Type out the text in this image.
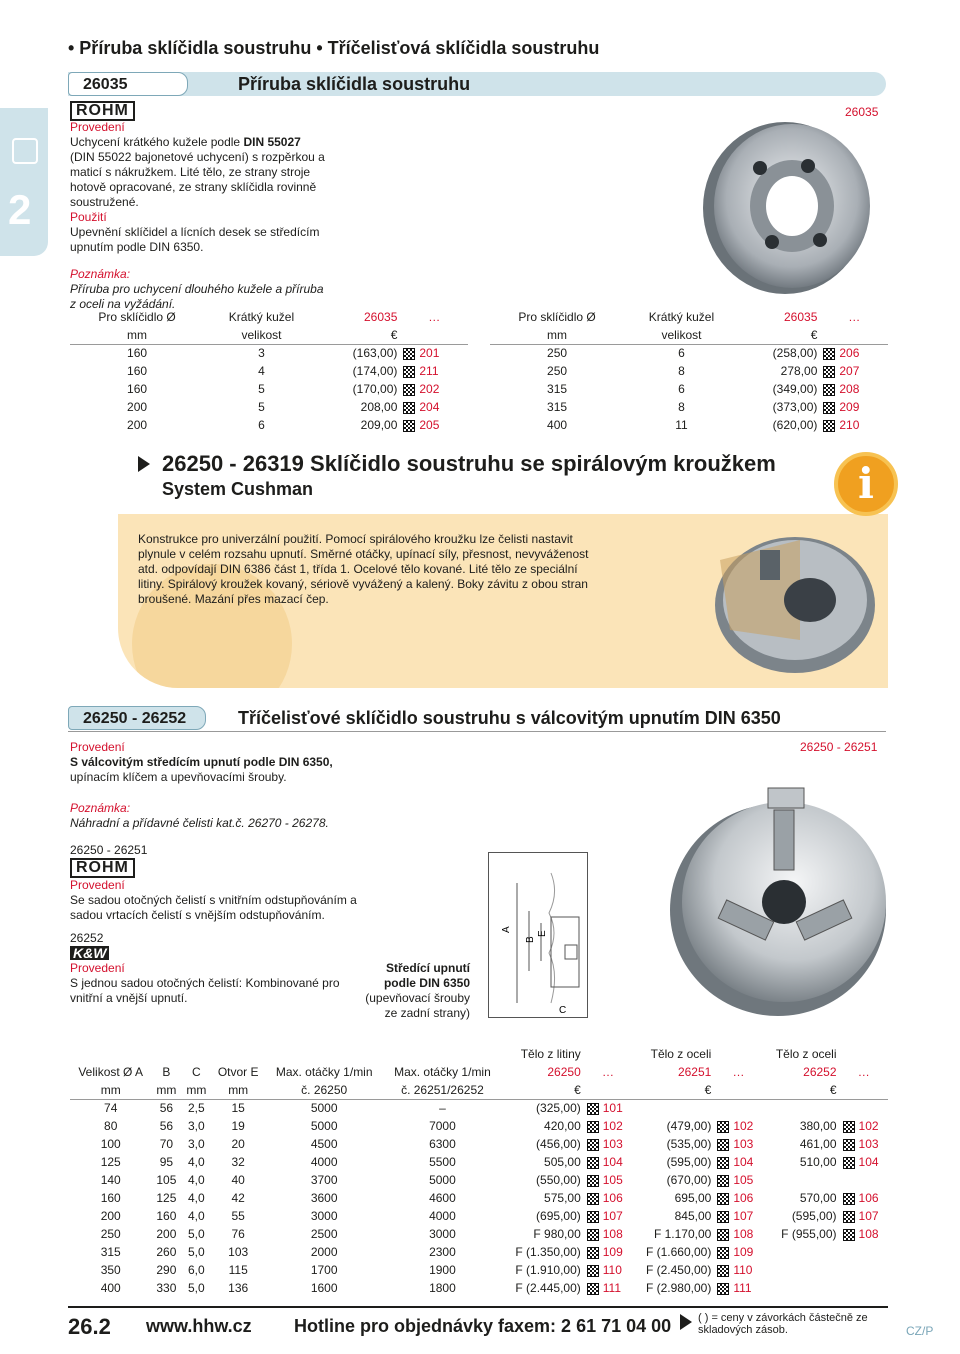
• Příruba sklíčidla soustruhu • Tříčelisťová sklíčidla soustruhu
2
26035	Příruba sklíčidla soustruhu
RÖHM
Provedení
Uchycení krátkého kužele podle DIN 55027 (DIN 55022 bajonetové uchycení) s rozpěrkou a maticí s nákružkem. Lité tělo, ze strany stroje hotově opracované, ze strany sklíčidla rovinně soustružené.
Použití
Upevnění sklíčidel a lícních desek se středícím upnutím podle DIN 6350.
Poznámka:
Příruba pro uchycení dlouhého kužele a příruba z oceli na vyžádání.
26035
Pro sklíčidlo Ø	Krátký kužel	26035	…
mm	velikost	€	
160	3	(163,00)	201
160	4	(174,00)	211
160	5	(170,00)	202
200	5	208,00	204
200	6	209,00	205
Pro sklíčidlo Ø	Krátký kužel	26035	…
mm	velikost	€	
250	6	(258,00)	206
250	8	278,00	207
315	6	(349,00)	208
315	8	(373,00)	209
400	11	(620,00)	210
26250 - 26319 Sklíčidlo soustruhu se spirálovým kroužkem
System Cushman	i
Konstrukce pro univerzální použití. Pomocí spirálového kroužku lze čelisti nastavit plynule v celém rozsahu upnutí. Směrné otáčky, upínací síly, přesnost, nevyváženost atd. odpovídají DIN 6386 část 1, třída 1. Ocelové tělo kované. Lité tělo ze speciální litiny. Spirálový kroužek kovaný, sériově vyvážený a kalený. Boky závitu z obou stran broušené. Mazání přes mazací čep.
26250 - 26252	Tříčelisťové sklíčidlo soustruhu s válcovitým upnutím DIN 6350
26250 - 26251
Provedení
S válcovitým středícím upnutí podle DIN 6350,
upínacím klíčem a upevňovacími šrouby.
Poznámka:
Náhradní a přídavné čelisti kat.č. 26270 - 26278.
26250 - 26251
RÖHM
Provedení
Se sadou otočných čelistí s vnitřním odstupňováním a sadou vrtacích čelistí s vnějším odstupňováním.
26252
K&W
Provedení
S jednou sadou otočných čelistí: Kombinované pro vnitřní a vnější upnutí.
Středící upnutí podle DIN 6350
(upevňovací šrouby ze zadní strany)
A
B
E
C
						Tělo z litiny		Tělo z oceli		Tělo z oceli	
Velikost Ø A	B	C	Otvor E	Max. otáčky 1/min	Max. otáčky 1/min	26250	…	26251	…	26252	…
mm	mm	mm	mm	č. 26250	č. 26251/26252	€		€		€	
74	56	2,5	15	5000	–	(325,00)	101				
80	56	3,0	19	5000	7000	420,00	102	(479,00)	102	380,00	102
100	70	3,0	20	4500	6300	(456,00)	103	(535,00)	103	461,00	103
125	95	4,0	32	4000	5500	505,00	104	(595,00)	104	510,00	104
140	105	4,0	40	3700	5000	(550,00)	105	(670,00)	105		
160	125	4,0	42	3600	4600	575,00	106	695,00	106	570,00	106
200	160	4,0	55	3000	4000	(695,00)	107	845,00	107	(595,00)	107
250	200	5,0	76	2500	3000	F 980,00	108	F 1.170,00	108	F (955,00)	108
315	260	5,0	103	2000	2300	F (1.350,00)	109	F (1.660,00)	109		
350	290	6,0	115	1700	1900	F (1.910,00)	110	F (2.450,00)	110		
400	330	5,0	136	1600	1800	F (2.445,00)	111	F (2.980,00)	111		
26.2 www.hhw.cz Hotline pro objednávky faxem: 2 61 71 04 00 ( ) = ceny v závorkách částečně ze skladových zásob.	CZ/P
